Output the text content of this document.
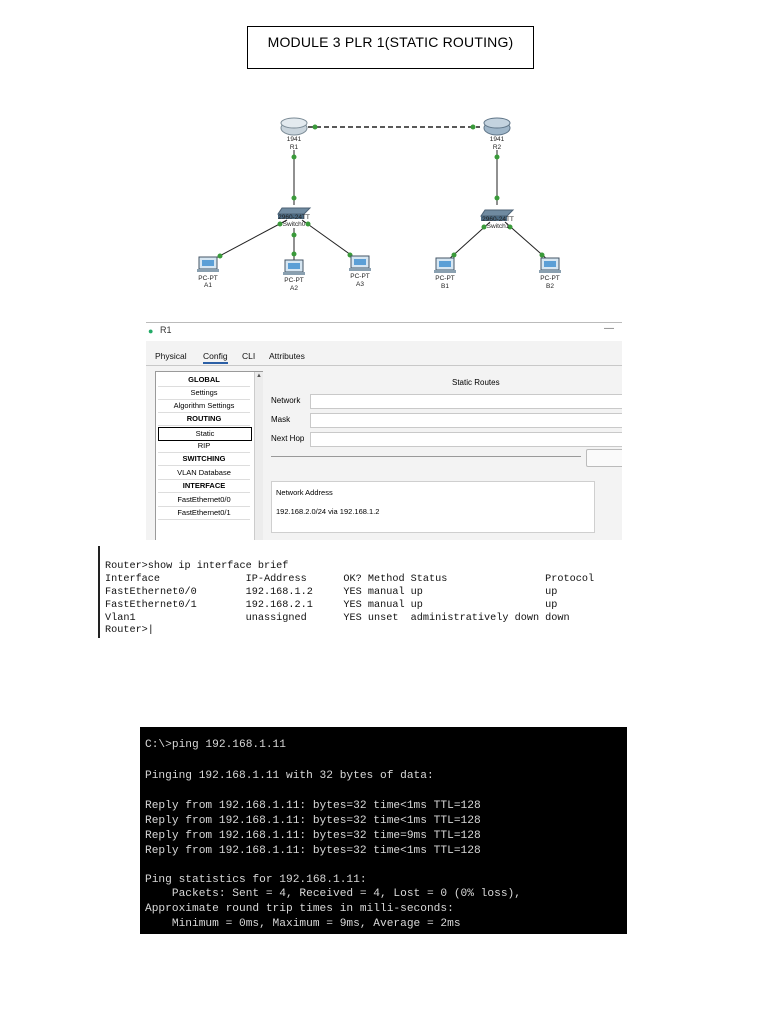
MODULE 3 PLR 1(STATIC ROUTING)
1941
R1
1941
R2
2960-24TT
Switch0
2960-24TT
Switch1
PC-PT
A1
PC-PT
A2
PC-PT
A3
PC-PT
B1
PC-PT
B2
● R1	—
Physical Config CLI Attributes
GLOBAL
Settings
Algorithm Settings
ROUTING
Static
RIP
SWITCHING
VLAN Database
INTERFACE
FastEthernet0/0
FastEthernet0/1
▲
Static Routes
Network
Mask
Next Hop
Network Address
192.168.2.0/24 via 192.168.1.2
Router>show ip interface brief
Interface              IP-Address      OK? Method Status                Protocol
FastEthernet0/0        192.168.1.2     YES manual up                    up
FastEthernet0/1        192.168.2.1     YES manual up                    up
Vlan1                  unassigned      YES unset  administratively down down
Router>|
C:\>ping 192.168.1.11
Pinging 192.168.1.11 with 32 bytes of data:
Reply from 192.168.1.11: bytes=32 time<1ms TTL=128
Reply from 192.168.1.11: bytes=32 time<1ms TTL=128
Reply from 192.168.1.11: bytes=32 time=9ms TTL=128
Reply from 192.168.1.11: bytes=32 time<1ms TTL=128
Ping statistics for 192.168.1.11:
Packets: Sent = 4, Received = 4, Lost = 0 (0% loss),
Approximate round trip times in milli-seconds:
Minimum = 0ms, Maximum = 9ms, Average = 2ms
